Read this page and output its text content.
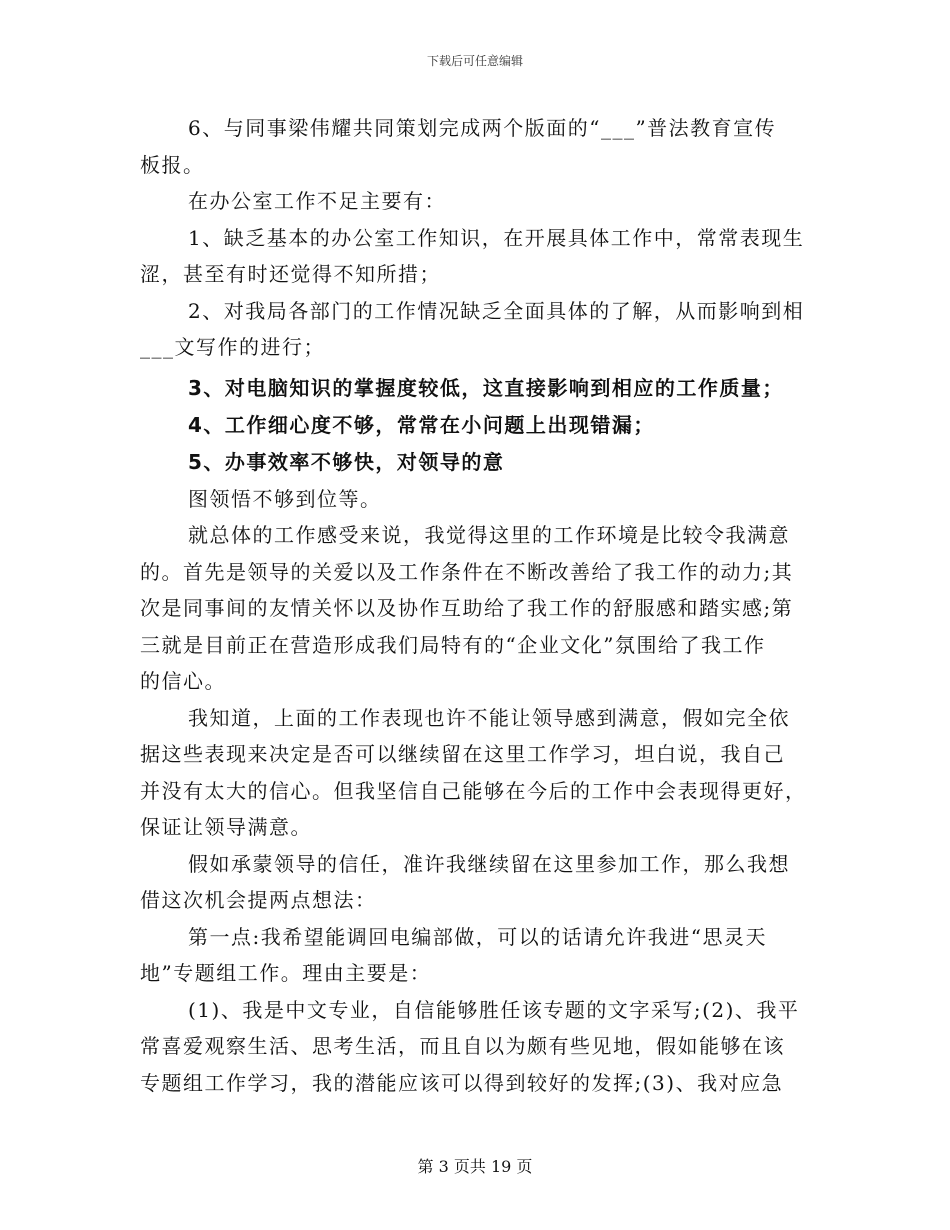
下载后可任意编辑
6、与同事梁伟耀共同策划完成两个版面的“___”普法教育宣传
板报。
在办公室工作不足主要有：
1、缺乏基本的办公室工作知识，在开展具体工作中，常常表现生
涩，甚至有时还觉得不知所措；
2、对我局各部门的工作情况缺乏全面具体的了解，从而影响到相
___文写作的进行；
3、对电脑知识的掌握度较低，这直接影响到相应的工作质量；
4、工作细心度不够，常常在小问题上出现错漏；
5、办事效率不够快，对领导的意
图领悟不够到位等。
就总体的工作感受来说，我觉得这里的工作环境是比较令我满意
的。首先是领导的关爱以及工作条件在不断改善给了我工作的动力;其
次是同事间的友情关怀以及协作互助给了我工作的舒服感和踏实感;第
三就是目前正在营造形成我们局特有的“企业文化”氛围给了我工作
的信心。
我知道，上面的工作表现也许不能让领导感到满意，假如完全依
据这些表现来决定是否可以继续留在这里工作学习，坦白说，我自己
并没有太大的信心。但我坚信自己能够在今后的工作中会表现得更好，
保证让领导满意。
假如承蒙领导的信任，准许我继续留在这里参加工作，那么我想
借这次机会提两点想法：
第一点:我希望能调回电编部做，可以的话请允许我进“思灵天
地”专题组工作。理由主要是：
(1)、我是中文专业，自信能够胜任该专题的文字采写;(2)、我平
常喜爱观察生活、思考生活，而且自以为颇有些见地，假如能够在该
专题组工作学习，我的潜能应该可以得到较好的发挥;(3)、我对应急
第 3 页共 19 页
